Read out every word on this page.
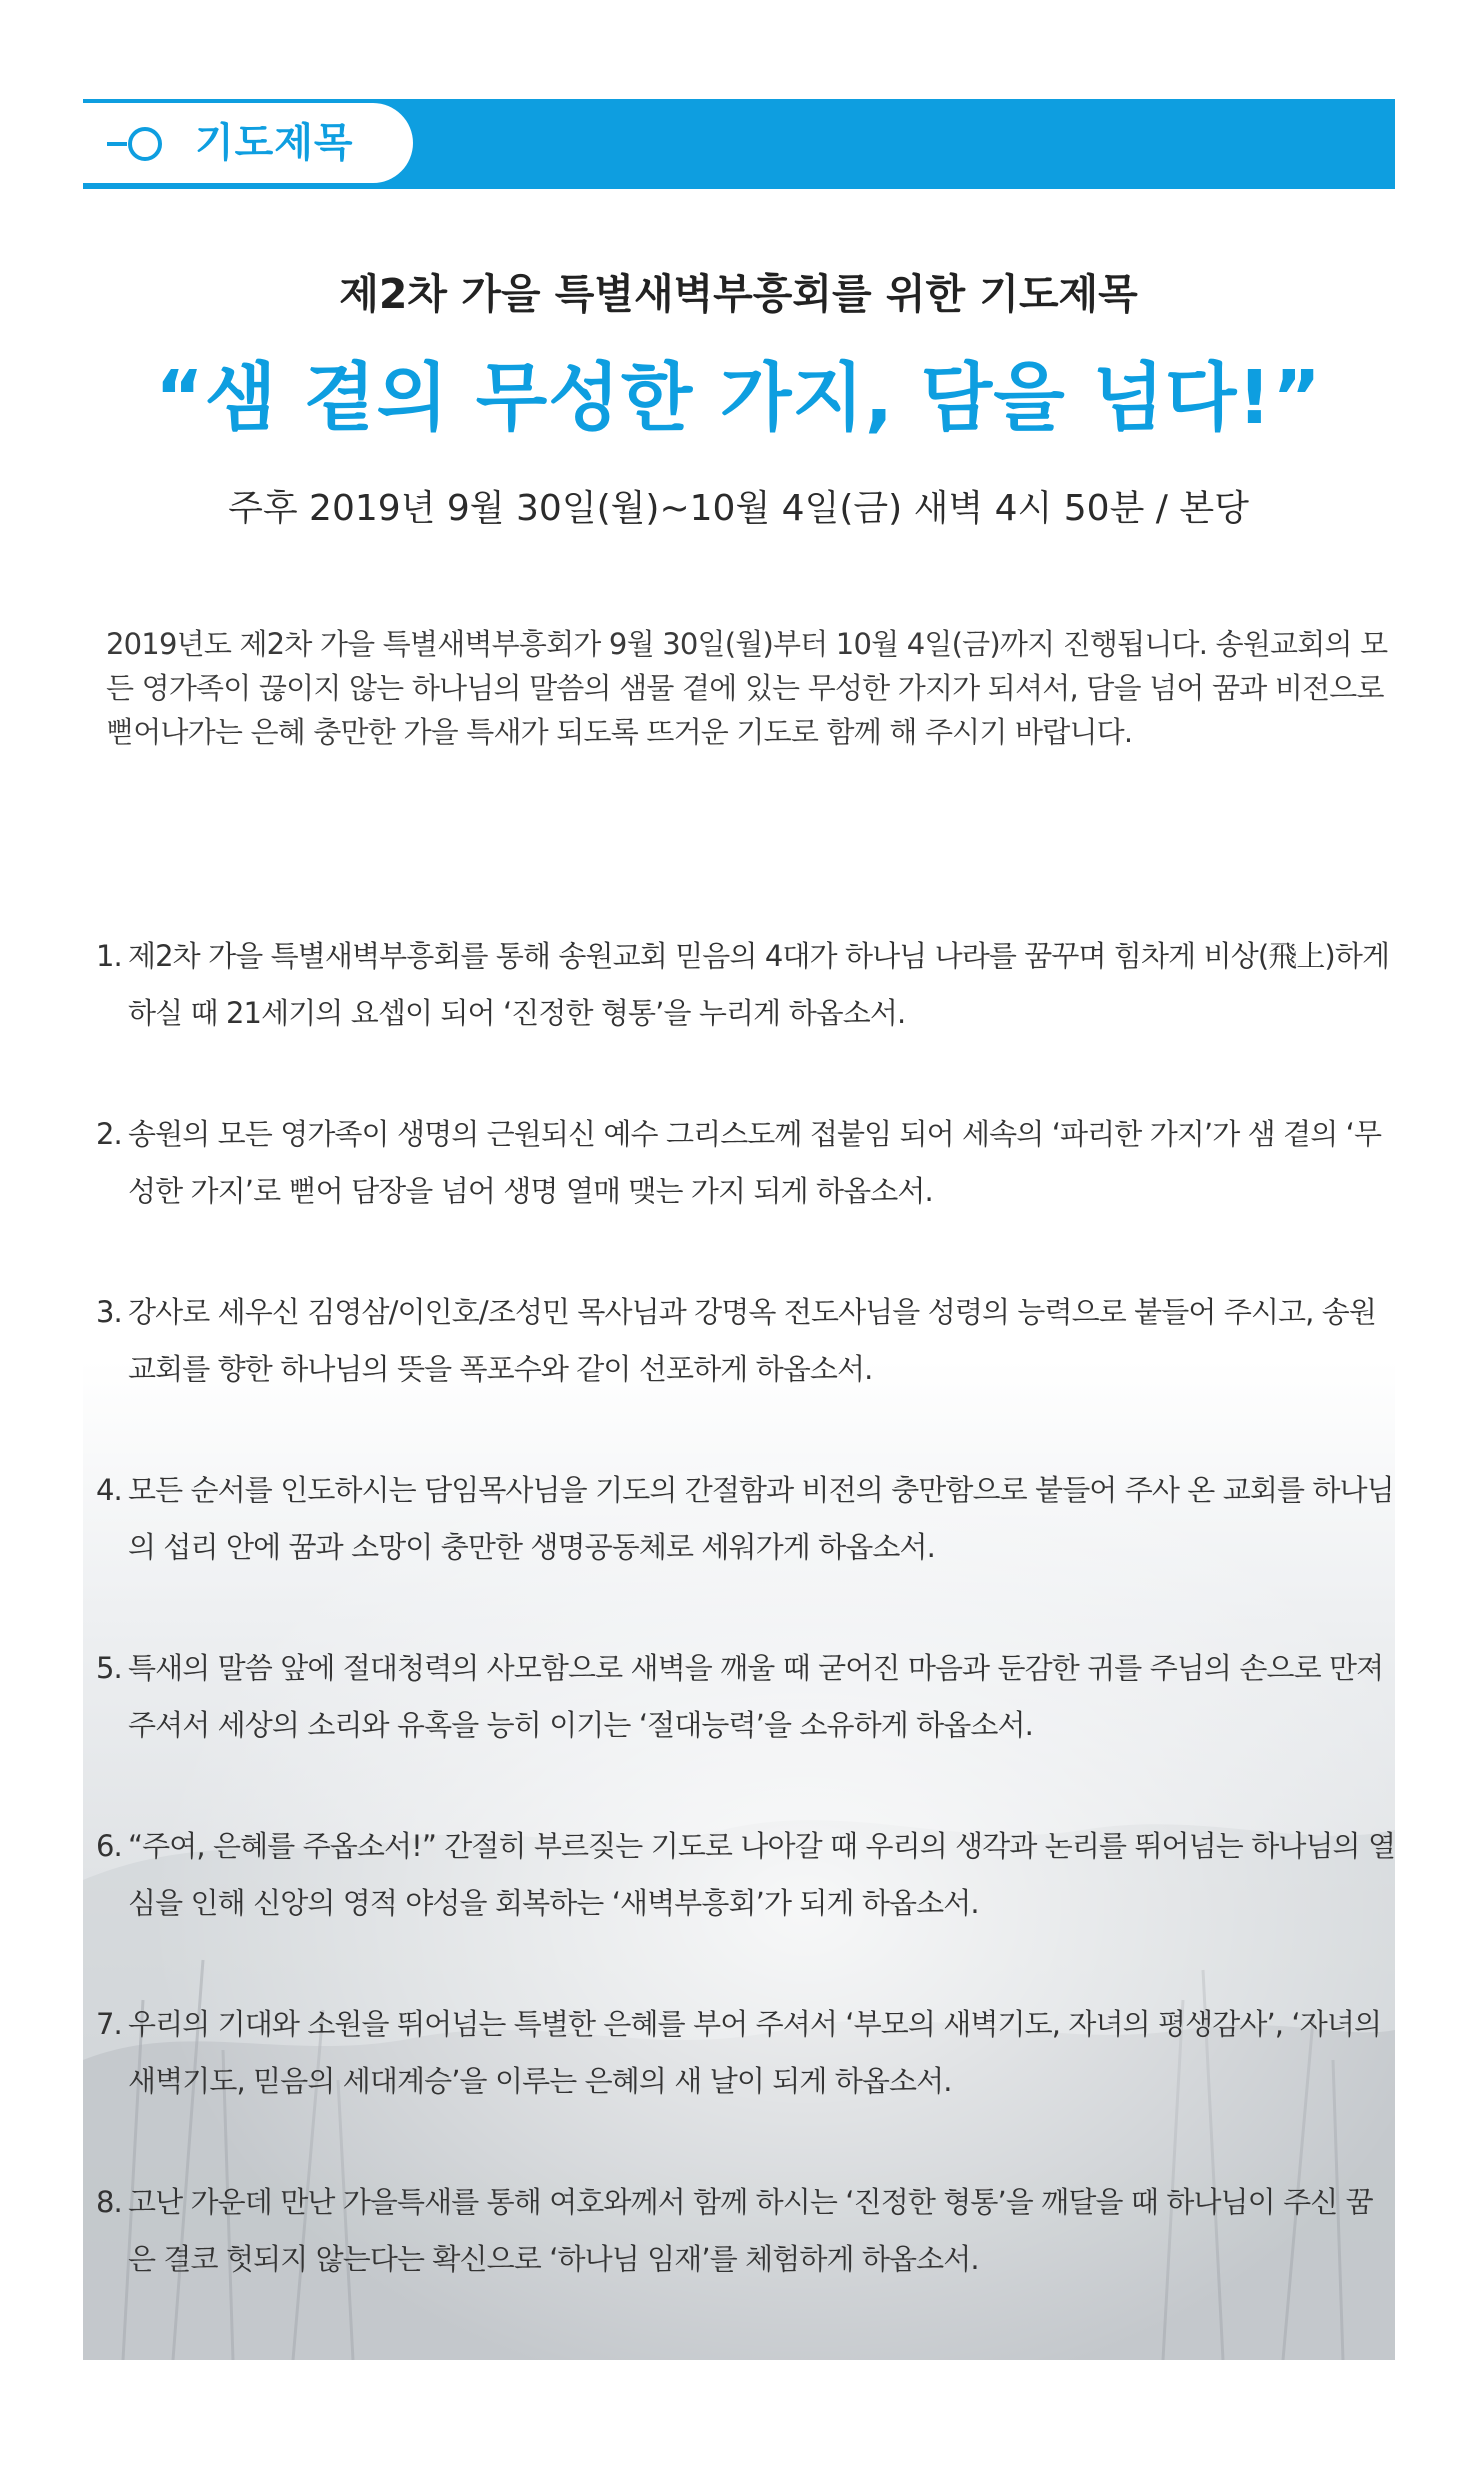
기도제목
제2차 가을 특별새벽부흥회를 위한 기도제목
“샘 곁의 무성한 가지, 담을 넘다!”
주후 2019년 9월 30일(월)~10월 4일(금) 새벽 4시 50분 / 본당

2019년도 제2차 가을 특별새벽부흥회가 9월 30일(월)부터 10월 4일(금)까지 진행됩니다. 송원교회의 모든 영가족이 끊이지 않는 하나님의 말씀의 샘물 곁에 있는 무성한 가지가 되셔서, 담을 넘어 꿈과 비전으로 뻗어나가는 은혜 충만한 가을 특새가 되도록 뜨거운 기도로 함께 해 주시기 바랍니다.

1. 제2차 가을 특별새벽부흥회를 통해 송원교회 믿음의 4대가 하나님 나라를 꿈꾸며 힘차게 비상(飛上)하게 하실 때 21세기의 요셉이 되어 ‘진정한 형통’을 누리게 하옵소서.
2. 송원의 모든 영가족이 생명의 근원되신 예수 그리스도께 접붙임 되어 세속의 ‘파리한 가지’가 샘 곁의 ‘무성한 가지’로 뻗어 담장을 넘어 생명 열매 맺는 가지 되게 하옵소서.
3. 강사로 세우신 김영삼/이인호/조성민 목사님과 강명옥 전도사님을 성령의 능력으로 붙들어 주시고, 송원교회를 향한 하나님의 뜻을 폭포수와 같이 선포하게 하옵소서.
4. 모든 순서를 인도하시는 담임목사님을 기도의 간절함과 비전의 충만함으로 붙들어 주사 온 교회를 하나님의 섭리 안에 꿈과 소망이 충만한 생명공동체로 세워가게 하옵소서.
5. 특새의 말씀 앞에 절대청력의 사모함으로 새벽을 깨울 때 굳어진 마음과 둔감한 귀를 주님의 손으로 만져 주셔서 세상의 소리와 유혹을 능히 이기는 ‘절대능력’을 소유하게 하옵소서.
6. “주여, 은혜를 주옵소서!” 간절히 부르짖는 기도로 나아갈 때 우리의 생각과 논리를 뛰어넘는 하나님의 열심을 인해 신앙의 영적 야성을 회복하는 ‘새벽부흥회’가 되게 하옵소서.
7. 우리의 기대와 소원을 뛰어넘는 특별한 은혜를 부어 주셔서 ‘부모의 새벽기도, 자녀의 평생감사’, ‘자녀의 새벽기도, 믿음의 세대계승’을 이루는 은혜의 새 날이 되게 하옵소서.
8. 고난 가운데 만난 가을특새를 통해 여호와께서 함께 하시는 ‘진정한 형통’을 깨달을 때 하나님이 주신 꿈은 결코 헛되지 않는다는 확신으로 ‘하나님 임재’를 체험하게 하옵소서.
